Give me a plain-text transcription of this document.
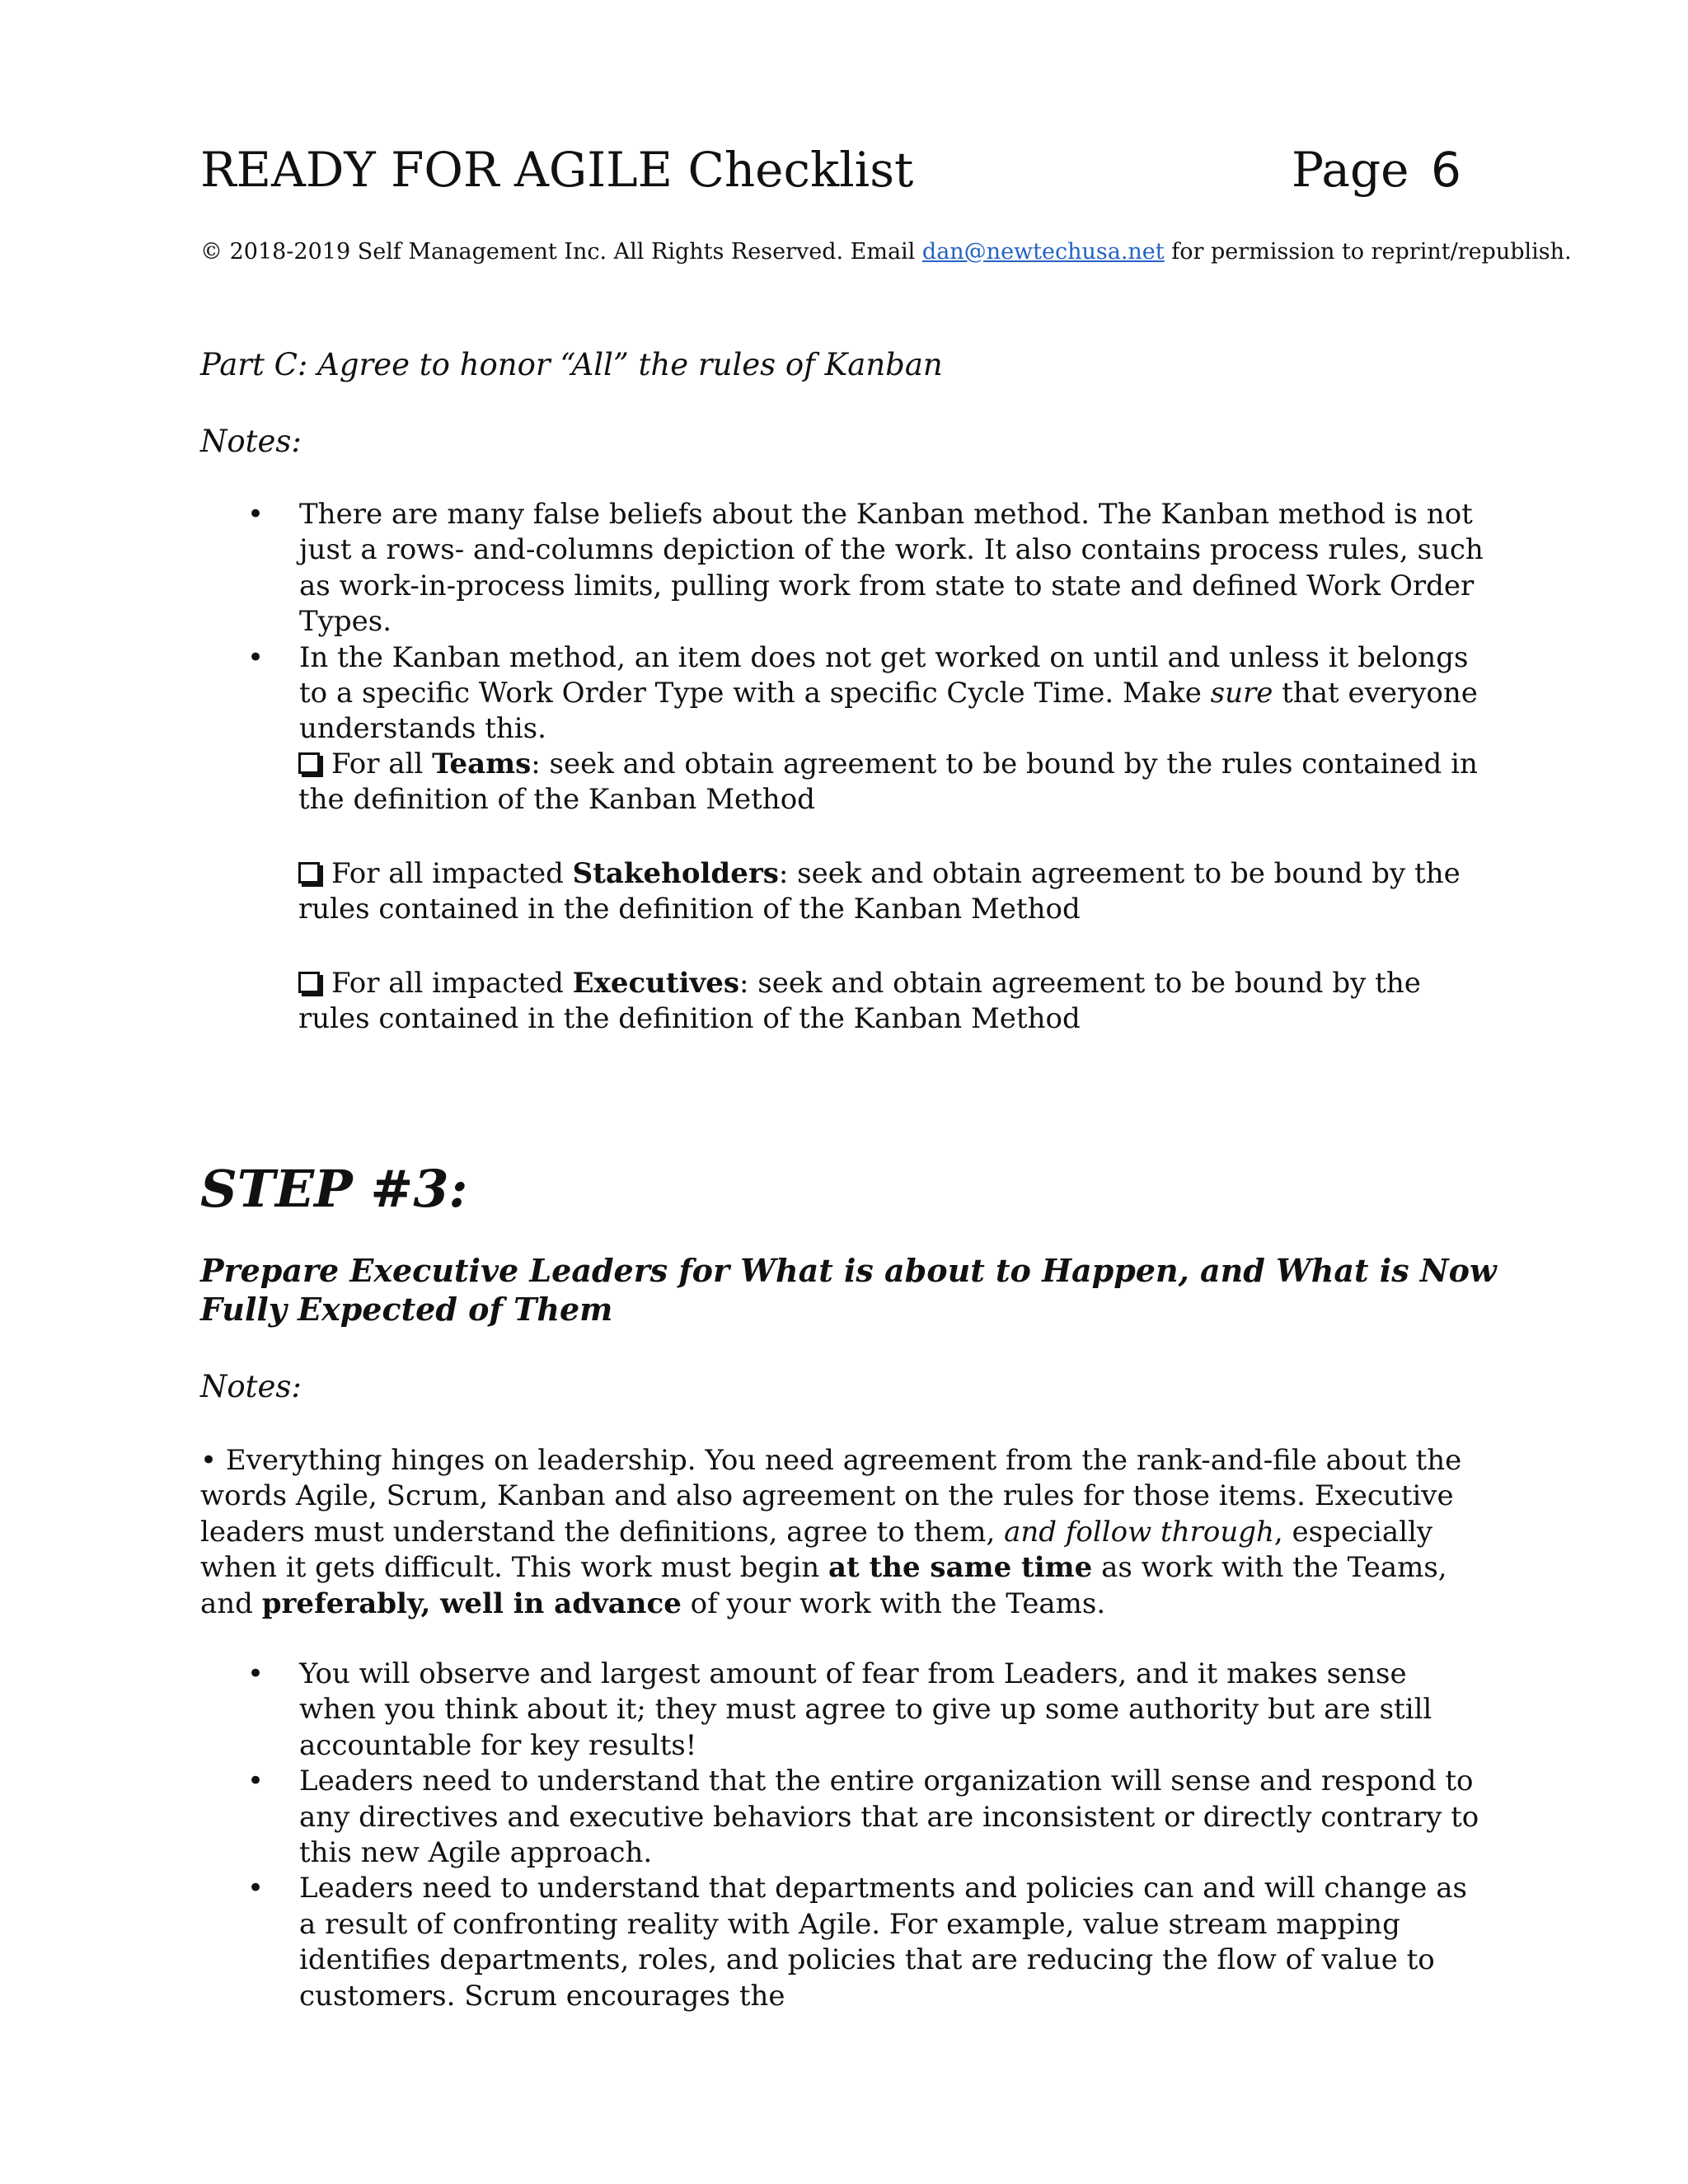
READY FOR AGILE Checklist	Page 6
© 2018-2019 Self Management Inc. All Rights Reserved. Email dan@newtechusa.net for permission to reprint/republish.
Part C: Agree to honor “All” the rules of Kanban
Notes:
• There are many false beliefs about the Kanban method. The Kanban method is not just a rows- and-columns depiction of the work. It also contains process rules, such as work-in-process limits, pulling work from state to state and defined Work Order Types.
• In the Kanban method, an item does not get worked on until and unless it belongs to a specific Work Order Type with a specific Cycle Time. Make sure that everyone understands this.
For all Teams: seek and obtain agreement to be bound by the rules contained in the definition of the Kanban Method
For all impacted Stakeholders: seek and obtain agreement to be bound by the rules contained in the definition of the Kanban Method
For all impacted Executives: seek and obtain agreement to be bound by the rules contained in the definition of the Kanban Method
STEP #3:
Prepare Executive Leaders for What is about to Happen, and What is Now Fully Expected of Them
Notes:
• Everything hinges on leadership. You need agreement from the rank-and-file about the words Agile, Scrum, Kanban and also agreement on the rules for those items. Executive leaders must understand the definitions, agree to them, and follow through, especially when it gets difficult. This work must begin at the same time as work with the Teams, and preferably, well in advance of your work with the Teams.
• You will observe and largest amount of fear from Leaders, and it makes sense when you think about it; they must agree to give up some authority but are still accountable for key results!
• Leaders need to understand that the entire organization will sense and respond to any directives and executive behaviors that are inconsistent or directly contrary to this new Agile approach.
• Leaders need to understand that departments and policies can and will change as a result of confronting reality with Agile. For example, value stream mapping identifies departments, roles, and policies that are reducing the flow of value to customers. Scrum encourages the
